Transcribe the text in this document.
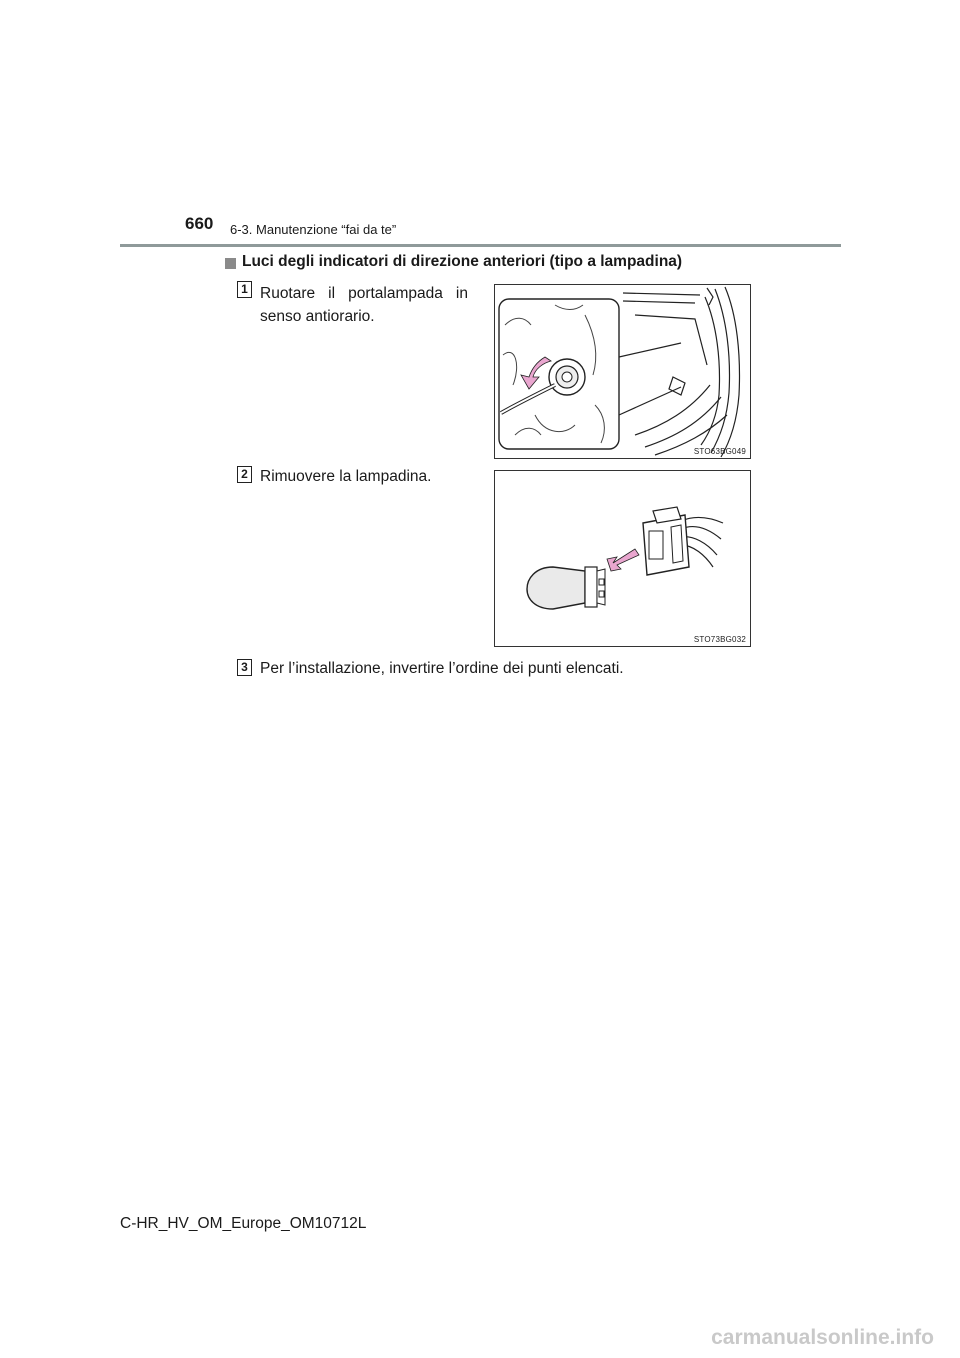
660 6-3. Manutenzione “fai da te”
Luci degli indicatori di direzione anteriori (tipo a lampadina)
1 Ruotare il portalampada in
senso antiorario.
STO63BG049
2 Rimuovere la lampadina.
STO73BG032
3 Per l’installazione, invertire l’ordine dei punti elencati.
C-HR_HV_OM_Europe_OM10712L
carmanualsonline.info
